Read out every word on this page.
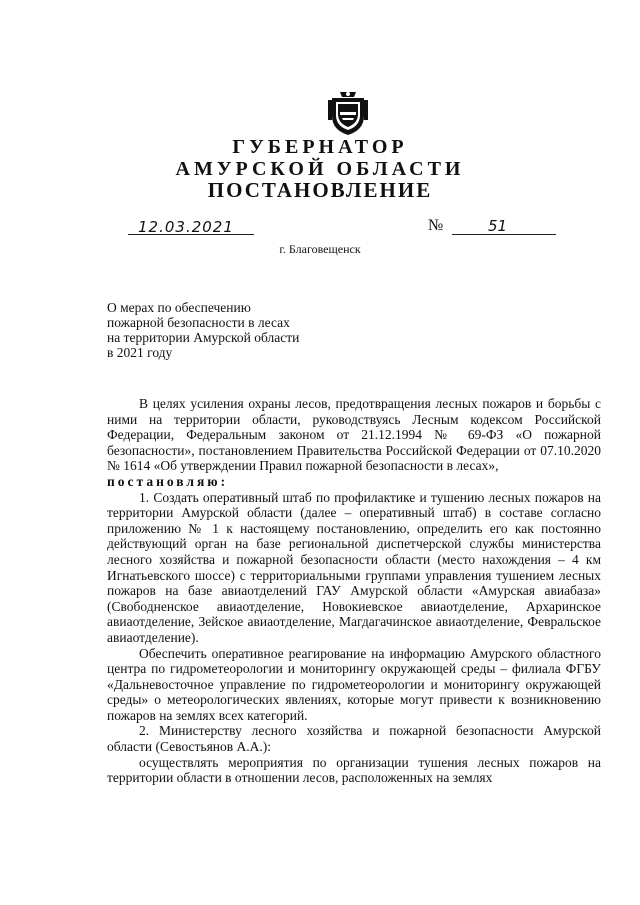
ГУБЕРНАТОР
АМУРСКОЙ ОБЛАСТИ
ПОСТАНОВЛЕНИЕ
12.03.2021	№	51
г. Благовещенск
О мерах по обеспечению
пожарной безопасности в лесах
на территории Амурской области
в 2021 году

В целях усиления охраны лесов, предотвращения лесных пожаров и борьбы с ними на территории области, руководствуясь Лесным кодексом Российской Федерации, Федеральным законом от 21.12.1994 № 69-ФЗ «О пожарной безопасности», постановлением Правительства Российской Федерации от 07.10.2020 № 1614 «Об утверждении Правил пожарной безопасности в лесах»,

постановляю:

1. Создать оперативный штаб по профилактике и тушению лесных пожаров на территории Амурской области (далее – оперативный штаб) в составе согласно приложению № 1 к настоящему постановлению, определить его как постоянно действующий орган на базе региональной диспетчерской службы министерства лесного хозяйства и пожарной безопасности области (место нахождения – 4 км Игнатьевского шоссе) с территориальными группами управления тушением лесных пожаров на базе авиаотделений ГАУ Амурской области «Амурская авиабаза» (Свободненское авиаотделение, Новокиевское авиаотделение, Архаринское авиаотделение, Зейское авиаотделение, Магдагачинское авиаотделение, Февральское авиаотделение).

Обеспечить оперативное реагирование на информацию Амурского областного центра по гидрометеорологии и мониторингу окружающей среды – филиала ФГБУ «Дальневосточное управление по гидрометеорологии и мониторингу окружающей среды» о метеорологических явлениях, которые могут привести к возникновению пожаров на землях всех категорий.

2. Министерству лесного хозяйства и пожарной безопасности Амурской области (Севостьянов А.А.):

осуществлять мероприятия по организации тушения лесных пожаров на территории области в отношении лесов, расположенных на землях
